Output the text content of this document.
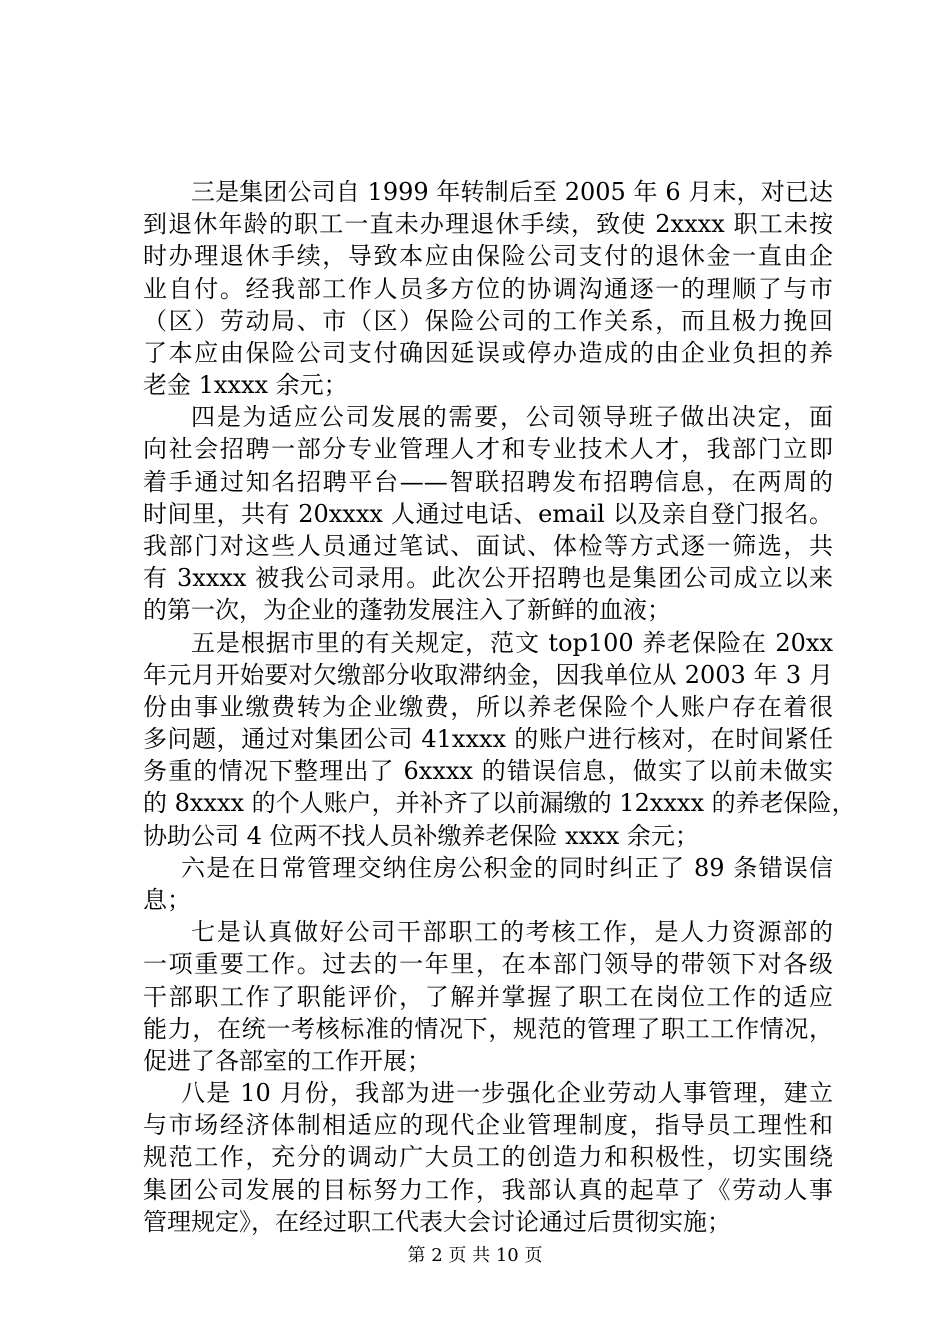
三是集团公司自 1999 年转制后至 2005 年 6 月末，对已达
到退休年龄的职工一直未办理退休手续，致使 2xxxx 职工未按
时办理退休手续，导致本应由保险公司支付的退休金一直由企
业自付。经我部工作人员多方位的协调沟通逐一的理顺了与市
（区）劳动局、市（区）保险公司的工作关系，而且极力挽回
了本应由保险公司支付确因延误或停办造成的由企业负担的养
老金 1xxxx 余元；
四是为适应公司发展的需要，公司领导班子做出决定，面
向社会招聘一部分专业管理人才和专业技术人才，我部门立即
着手通过知名招聘平台——智联招聘发布招聘信息，在两周的
时间里，共有 20xxxx 人通过电话、email 以及亲自登门报名。
我部门对这些人员通过笔试、面试、体检等方式逐一筛选，共
有 3xxxx 被我公司录用。此次公开招聘也是集团公司成立以来
的第一次，为企业的蓬勃发展注入了新鲜的血液；
五是根据市里的有关规定，范文 top100 养老保险在 20xx
年元月开始要对欠缴部分收取滞纳金，因我单位从 2003 年 3 月
份由事业缴费转为企业缴费，所以养老保险个人账户存在着很
多问题，通过对集团公司 41xxxx 的账户进行核对，在时间紧任
务重的情况下整理出了 6xxxx 的错误信息，做实了以前未做实
的 8xxxx 的个人账户，并补齐了以前漏缴的 12xxxx 的养老保险，
协助公司 4 位两不找人员补缴养老保险 xxxx 余元；
六是在日常管理交纳住房公积金的同时纠正了 89 条错误信
息；
七是认真做好公司干部职工的考核工作，是人力资源部的
一项重要工作。过去的一年里，在本部门领导的带领下对各级
干部职工作了职能评价，了解并掌握了职工在岗位工作的适应
能力，在统一考核标准的情况下，规范的管理了职工工作情况，
促进了各部室的工作开展；
八是 10 月份，我部为进一步强化企业劳动人事管理，建立
与市场经济体制相适应的现代企业管理制度，指导员工理性和
规范工作，充分的调动广大员工的创造力和积极性，切实围绕
集团公司发展的目标努力工作，我部认真的起草了《劳动人事
管理规定》，在经过职工代表大会讨论通过后贯彻实施；
第 2 页 共 10 页
